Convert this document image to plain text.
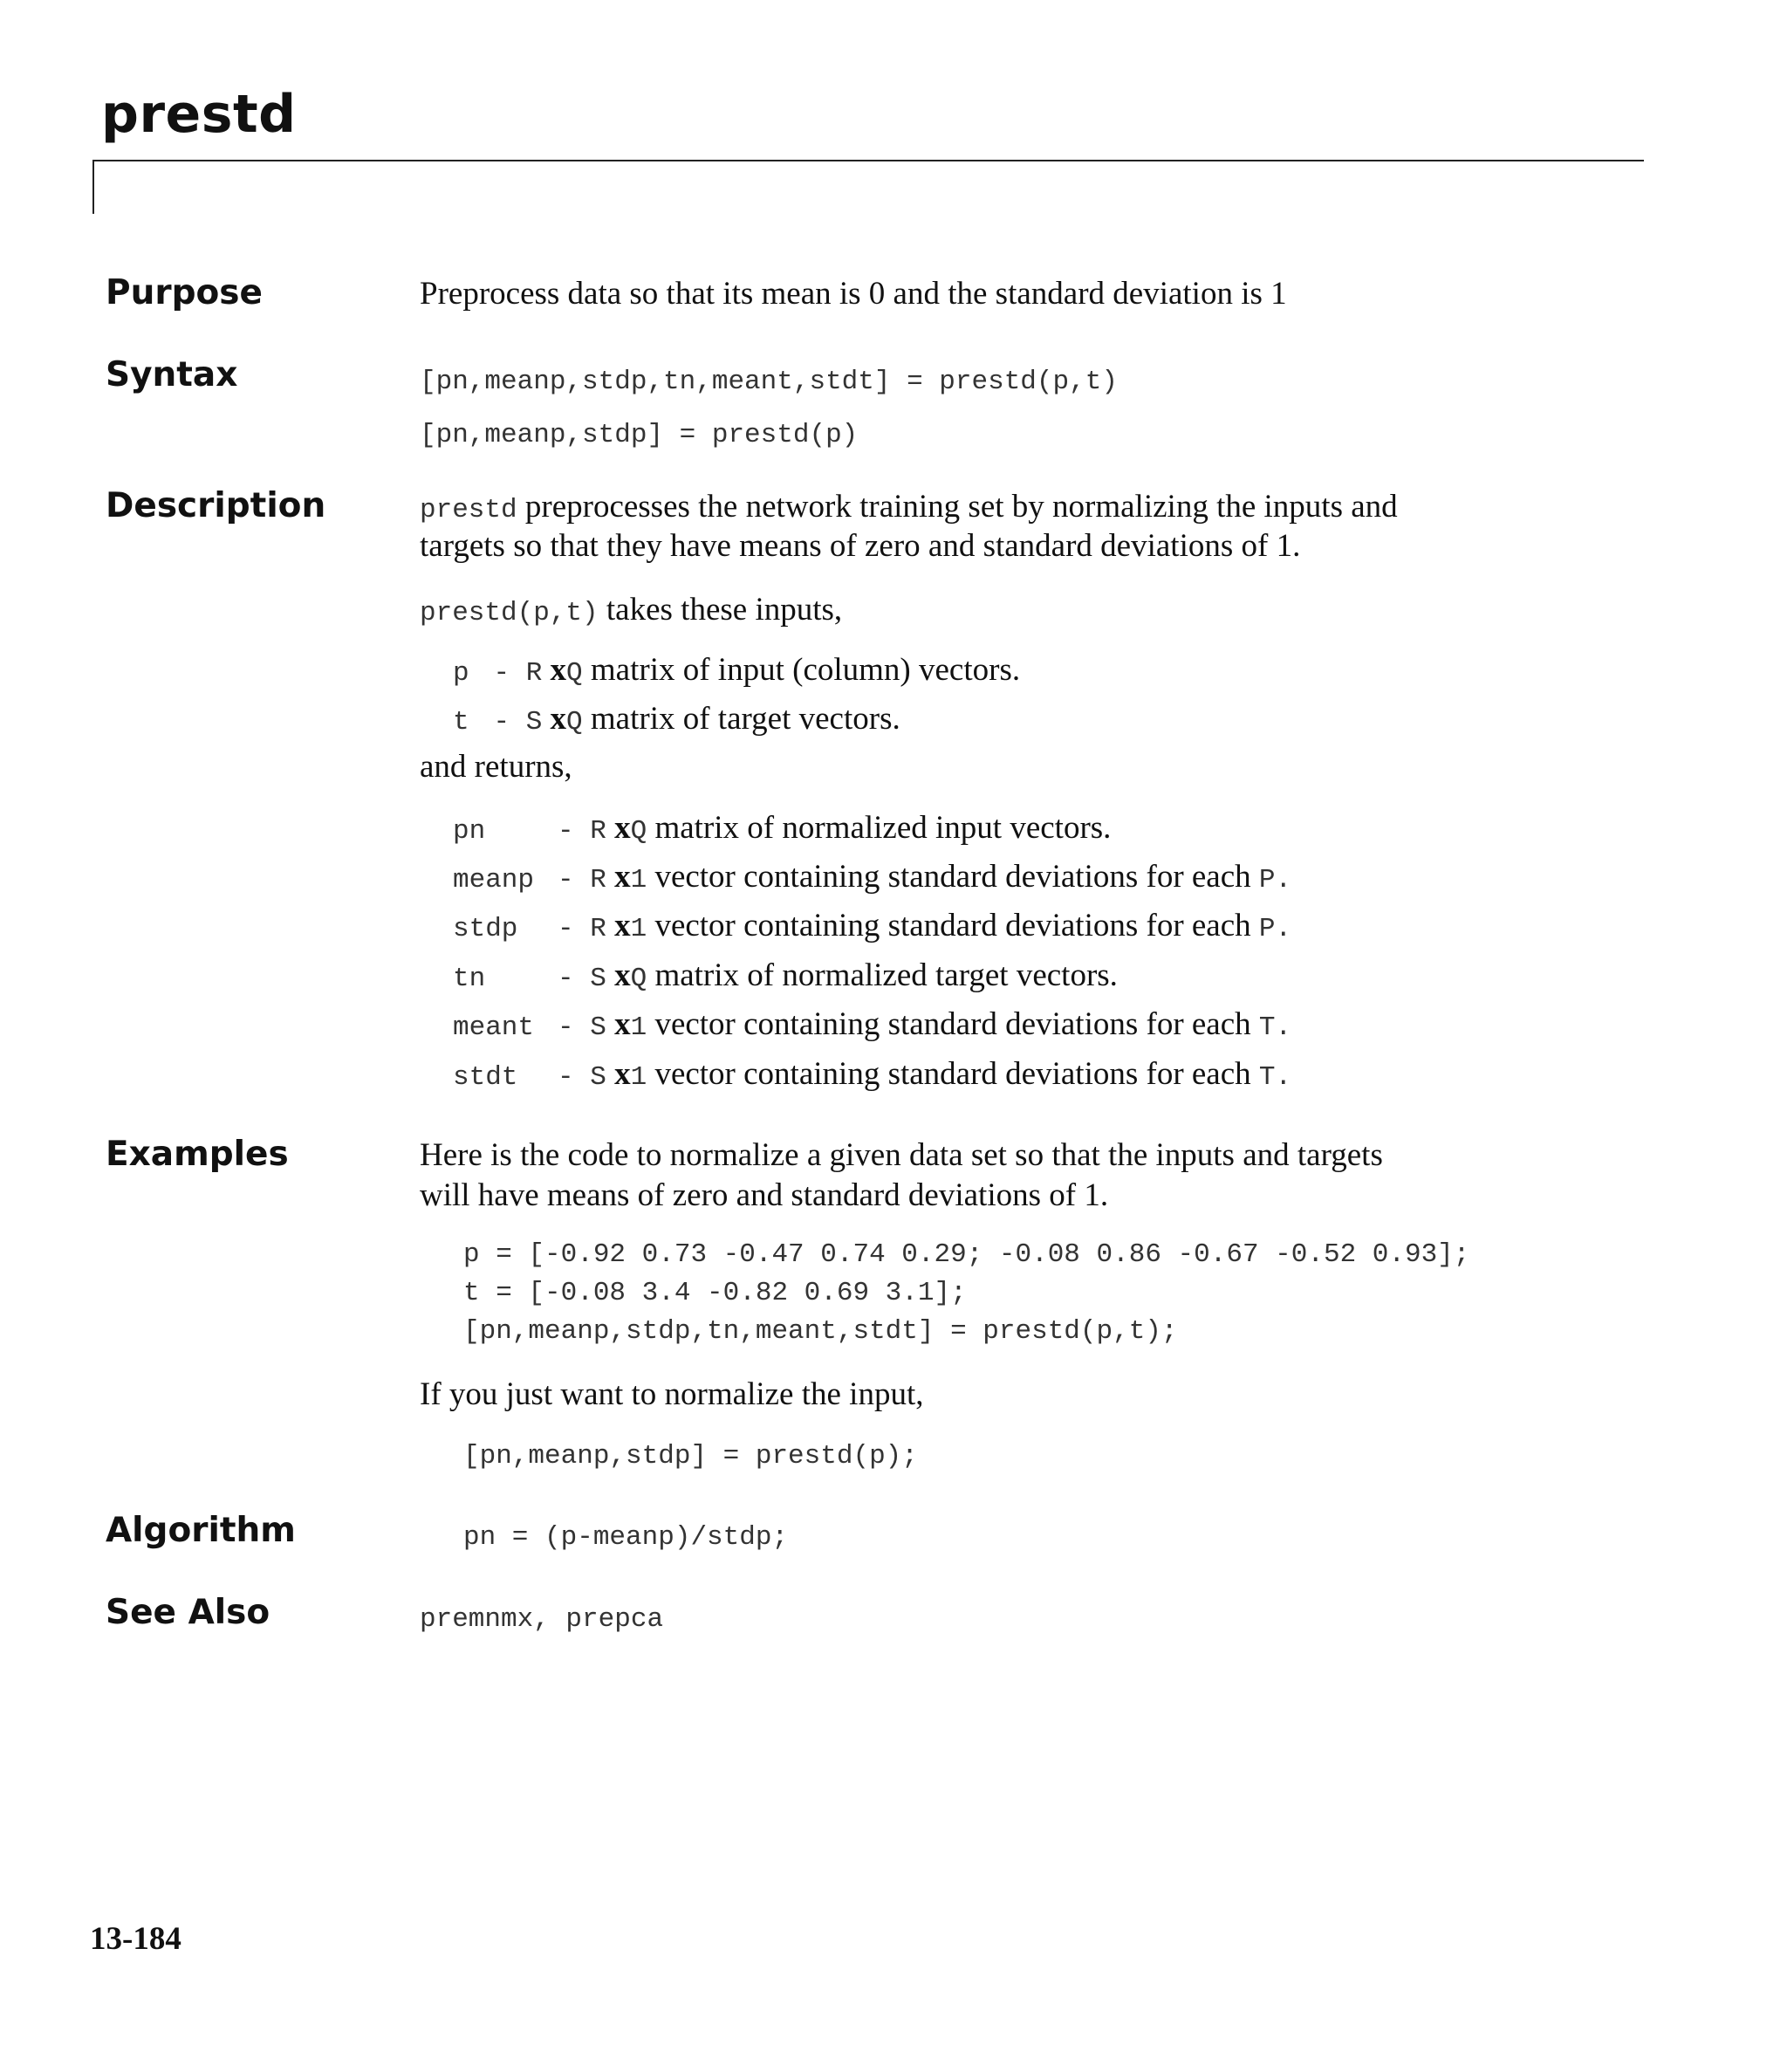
prestd
Purpose	Preprocess data so that its mean is 0 and the standard deviation is 1
Syntax	[pn,meanp,stdp,tn,meant,stdt] = prestd(p,t)
[pn,meanp,stdp] = prestd(p)
Description	prestd preprocesses the network training set by normalizing the inputs and
targets so that they have means of zero and standard deviations of 1.
prestd(p,t) takes these inputs,
p - R xQ matrix of input (column) vectors.
t - S xQ matrix of target vectors.
and returns,
pn	- R xQ matrix of normalized input vectors.
meanp - R x1 vector containing standard deviations for each P.
stdp - R x1 vector containing standard deviations for each P.
tn	- S xQ matrix of normalized target vectors.
meant - S x1 vector containing standard deviations for each T.
stdt - S x1 vector containing standard deviations for each T.
Examples	Here is the code to normalize a given data set so that the inputs and targets
will have means of zero and standard deviations of 1.
p = [-0.92 0.73 -0.47 0.74 0.29; -0.08 0.86 -0.67 -0.52 0.93];
t = [-0.08 3.4 -0.82 0.69 3.1];
[pn,meanp,stdp,tn,meant,stdt] = prestd(p,t);
If you just want to normalize the input,
[pn,meanp,stdp] = prestd(p);
Algorithm	pn = (p-meanp)/stdp;
See Also	premnmx, prepca
13-184
